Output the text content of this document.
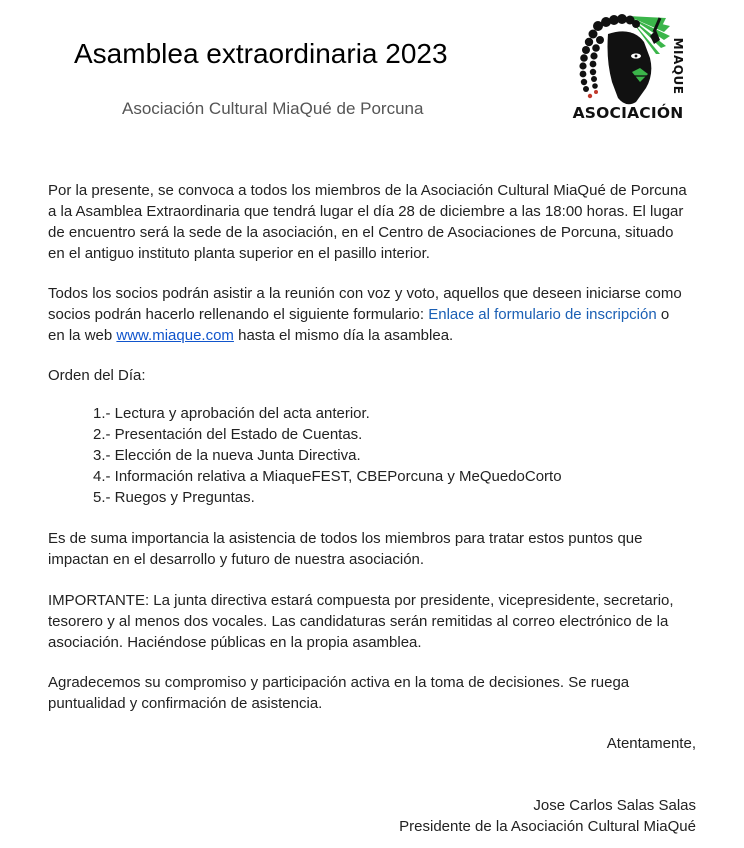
Asamblea extraordinaria 2023
Asociación Cultural MiaQué de Porcuna
MIAQUE
ASOCIACIÓN
Por la presente, se convoca a todos los miembros de la Asociación Cultural MiaQué de Porcuna
a la Asamblea Extraordinaria que tendrá lugar el día 28 de diciembre a las 18:00 horas. El lugar
de encuentro será la sede de la asociación, en el Centro de Asociaciones de Porcuna, situado
en el antiguo instituto planta superior en el pasillo interior.
Todos los socios podrán asistir a la reunión con voz y voto, aquellos que deseen iniciarse como
socios podrán hacerlo rellenando el siguiente formulario: Enlace al formulario de inscripción o
en la web www.miaque.com hasta el mismo día la asamblea.
Orden del Día:
1.- Lectura y aprobación del acta anterior.
2.- Presentación del Estado de Cuentas.
3.- Elección de la nueva Junta Directiva.
4.- Información relativa a MiaqueFEST, CBEPorcuna y MeQuedoCorto
5.- Ruegos y Preguntas.
Es de suma importancia la asistencia de todos los miembros para tratar estos puntos que
impactan en el desarrollo y futuro de nuestra asociación.
IMPORTANTE: La junta directiva estará compuesta por presidente, vicepresidente, secretario,
tesorero y al menos dos vocales. Las candidaturas serán remitidas al correo electrónico de la
asociación. Haciéndose públicas en la propia asamblea.
Agradecemos su compromiso y participación activa en la toma de decisiones. Se ruega
puntualidad y confirmación de asistencia.
Atentamente,
Jose Carlos Salas Salas
Presidente de la Asociación Cultural MiaQué
